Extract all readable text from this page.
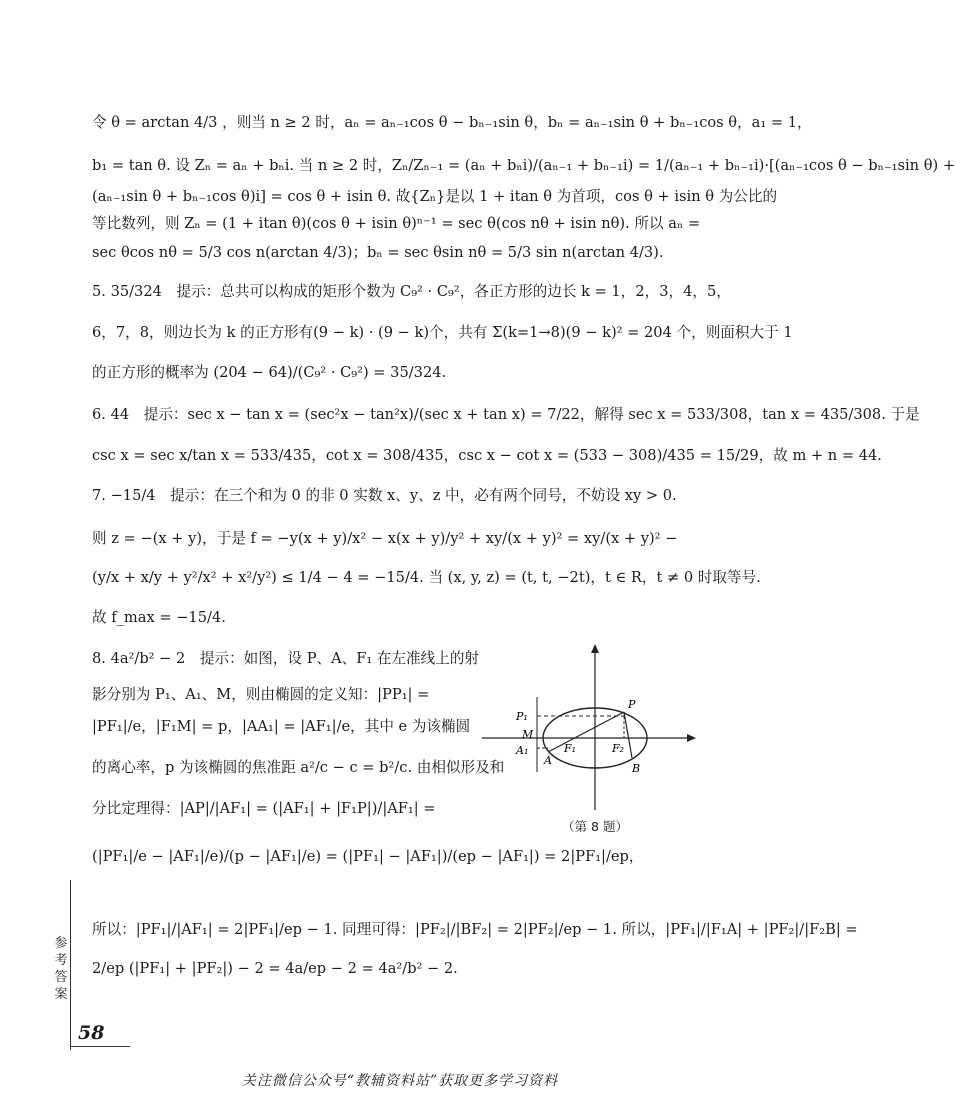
令 θ = arctan 4/3 ，则当 n ≥ 2 时，aₙ = aₙ₋₁cos θ − bₙ₋₁sin θ，bₙ = aₙ₋₁sin θ + bₙ₋₁cos θ，a₁ = 1，
b₁ = tan θ. 设 Zₙ = aₙ + bₙi. 当 n ≥ 2 时，Zₙ/Zₙ₋₁ = (aₙ + bₙi)/(aₙ₋₁ + bₙ₋₁i) = 1/(aₙ₋₁ + bₙ₋₁i)·[(aₙ₋₁cos θ − bₙ₋₁sin θ) +
(aₙ₋₁sin θ + bₙ₋₁cos θ)i] = cos θ + isin θ. 故{Zₙ}是以 1 + itan θ 为首项，cos θ + isin θ 为公比的
等比数列，则 Zₙ = (1 + itan θ)(cos θ + isin θ)ⁿ⁻¹ = sec θ(cos nθ + isin nθ). 所以 aₙ =
sec θcos nθ = 5/3 cos n(arctan 4/3)；bₙ = sec θsin nθ = 5/3 sin n(arctan 4/3).
5. 35/324　提示：总共可以构成的矩形个数为 C₉² · C₉²，各正方形的边长 k = 1，2，3，4，5，
6，7，8，则边长为 k 的正方形有(9 − k) · (9 − k)个，共有 Σ(k=1→8)(9 − k)² = 204 个，则面积大于 1
的正方形的概率为 (204 − 64)/(C₉² · C₉²) = 35/324.
6. 44　提示：sec x − tan x = (sec²x − tan²x)/(sec x + tan x) = 7/22，解得 sec x = 533/308，tan x = 435/308. 于是
csc x = sec x/tan x = 533/435，cot x = 308/435，csc x − cot x = (533 − 308)/435 = 15/29，故 m + n = 44.
7. −15/4　提示：在三个和为 0 的非 0 实数 x、y、z 中，必有两个同号，不妨设 xy > 0.
则 z = −(x + y)，于是 f = −y(x + y)/x² − x(x + y)/y² + xy/(x + y)² = xy/(x + y)² −
(y/x + x/y + y²/x² + x²/y²) ≤ 1/4 − 4 = −15/4. 当 (x, y, z) = (t, t, −2t)，t ∈ R，t ≠ 0 时取等号.
故 f_max = −15/4.
8. 4a²/b² − 2　提示：如图，设 P、A、F₁ 在左准线上的射
影分别为 P₁、A₁、M，则由椭圆的定义知：|PP₁| =
|PF₁|/e，|F₁M| = p，|AA₁| = |AF₁|/e，其中 e 为该椭圆
的离心率，p 为该椭圆的焦准距 a²/c − c = b²/c. 由相似形及和
分比定理得：|AP|/|AF₁| = (|AF₁| + |F₁P|)/|AF₁| =
(|PF₁|/e − |AF₁|/e)/(p − |AF₁|/e) = (|PF₁| − |AF₁|)/(ep − |AF₁|) = 2|PF₁|/ep，
所以：|PF₁|/|AF₁| = 2|PF₁|/ep − 1. 同理可得：|PF₂|/|BF₂| = 2|PF₂|/ep − 1. 所以，|PF₁|/|F₁A| + |PF₂|/|F₂B| =
2/ep (|PF₁| + |PF₂|) − 2 = 4a/ep − 2 = 4a²/b² − 2.
P₁
M
A₁
A
F₁	F₂
P
B
（第 8 题）
参考答案
58
关注微信公众号“教辅资料站”获取更多学习资料
